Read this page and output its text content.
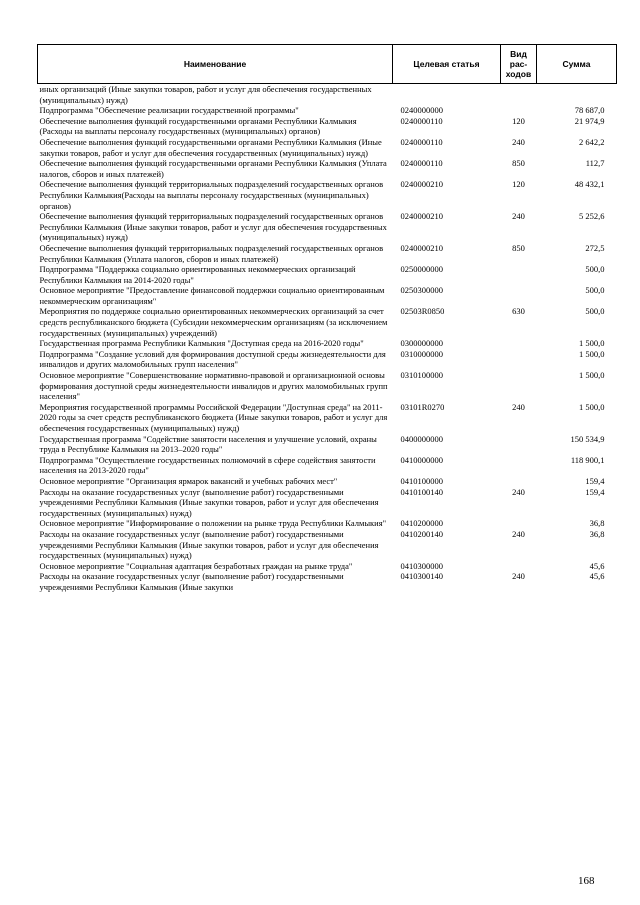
Наименование	Целевая статья	Вид рас-ходов	Сумма
иных организаций (Иные закупки товаров, работ и услуг для обеспечения государственных (муниципальных) нужд)			
Подпрограмма "Обеспечение реализации государственной программы"	0240000000		78 687,0
Обеспечение выполнения функций государственными органами Республики Калмыкия (Расходы на выплаты персоналу государственных (муниципальных) органов)	0240000110	120	21 974,9
Обеспечение выполнения функций государственными органами Республики Калмыкия (Иные закупки товаров, работ и услуг для обеспечения государственных (муниципальных) нужд)	0240000110	240	2 642,2
Обеспечение выполнения функций государственными органами Республики Калмыкия (Уплата налогов, сборов и иных платежей)	0240000110	850	112,7
Обеспечение выполнения функций территориальных подразделений государственных органов Республики Калмыкия(Расходы на выплаты персоналу государственных (муниципальных) органов)	0240000210	120	48 432,1
Обеспечение выполнения функций территориальных подразделений государственных органов Республики Калмыкия (Иные закупки товаров, работ и услуг для обеспечения государственных (муниципальных) нужд)	0240000210	240	5 252,6
Обеспечение выполнения функций территориальных подразделений государственных органов Республики Калмыкия (Уплата налогов, сборов и иных платежей)	0240000210	850	272,5
Подпрограмма "Поддержка социально ориентированных некоммерческих организаций Республики Калмыкия на 2014-2020 годы"	0250000000		500,0
Основное мероприятие "Предоставление финансовой поддержки социально ориентированным некоммерческим организациям"	0250300000		500,0
Мероприятия по поддержке социально ориентированных некоммерческих организаций за счет средств республиканского бюджета (Субсидии некоммерческим организациям (за исключением государственных (муниципальных) учреждений)	02503R0850	630	500,0
Государственная программа Республики Калмыкия "Доступная среда на 2016-2020 годы"	0300000000		1 500,0
Подпрограмма "Создание условий для формирования доступной среды жизнедеятельности для инвалидов и других маломобильных групп населения"	0310000000		1 500,0
Основное мероприятие "Совершенствование нормативно-правовой и организационной основы формирования доступной среды жизнедеятельности инвалидов и других маломобильных групп населения"	0310100000		1 500,0
Мероприятия государственной программы Российской Федерации "Доступная среда" на 2011-2020 годы за счет средств республиканского бюджета (Иные закупки товаров, работ и услуг для обеспечения государственных (муниципальных) нужд)	03101R0270	240	1 500,0
Государственная программа "Содействие занятости населения и улучшение условий, охраны труда в Республике Калмыкия на 2013–2020 годы"	0400000000		150 534,9
Подпрограмма "Осуществление государственных полномочий в сфере содействия занятости населения на 2013-2020 годы"	0410000000		118 900,1
Основное мероприятие "Организация ярмарок вакансий и учебных рабочих мест"	0410100000		159,4
Расходы на оказание государственных услуг (выполнение работ) государственными учреждениями Республики Калмыкия (Иные закупки товаров, работ и услуг для обеспечения государственных (муниципальных) нужд)	0410100140	240	159,4
Основное мероприятие "Информирование о положении на рынке труда Республики Калмыкия"	0410200000		36,8
Расходы на оказание государственных услуг (выполнение работ) государственными учреждениями Республики Калмыкия (Иные закупки товаров, работ и услуг для обеспечения государственных (муниципальных) нужд)	0410200140	240	36,8
Основное мероприятие "Социальная адаптация безработных граждан на рынке труда"	0410300000		45,6
Расходы на оказание государственных услуг (выполнение работ) государственными учреждениями Республики Калмыкия (Иные закупки	0410300140	240	45,6
168
